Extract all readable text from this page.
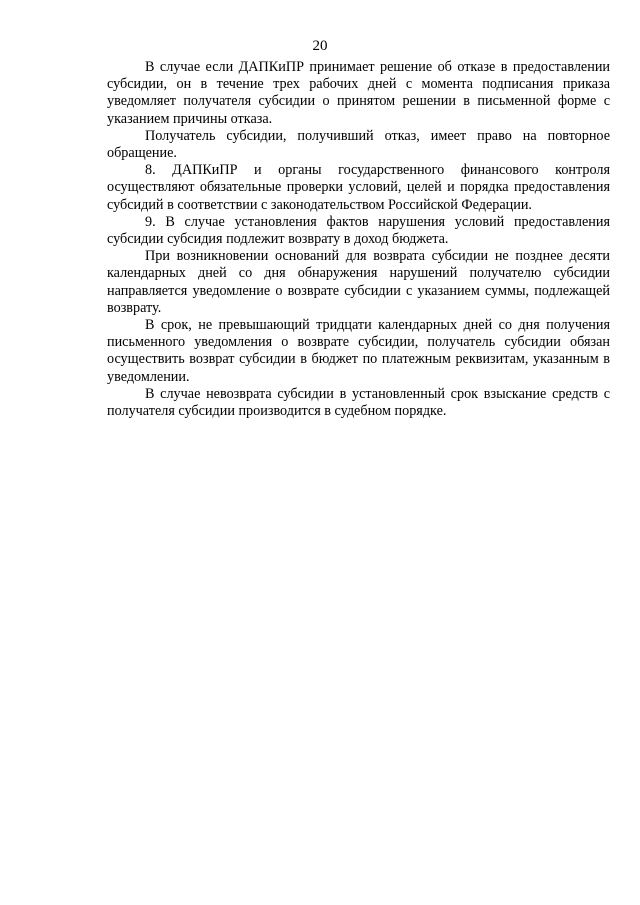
20

В случае если ДАПКиПР принимает решение об отказе в предоставлении субсидии, он в течение трех рабочих дней с момента подписания приказа уведомляет получателя субсидии о принятом решении в письменной форме с указанием причины отказа.

Получатель субсидии, получивший отказ, имеет право на повторное обращение.

8. ДАПКиПР и органы государственного финансового контроля осуществляют обязательные проверки условий, целей и порядка предоставления субсидий в соответствии с законодательством Российской Федерации.

9. В случае установления фактов нарушения условий предоставления субсидии субсидия подлежит возврату в доход бюджета.

При возникновении оснований для возврата субсидии не позднее десяти календарных дней со дня обнаружения нарушений получателю субсидии направляется уведомление о возврате субсидии с указанием суммы, подлежащей возврату.

В срок, не превышающий тридцати календарных дней со дня получения письменного уведомления о возврате субсидии, получатель субсидии обязан осуществить возврат субсидии в бюджет по платежным реквизитам, указанным в уведомлении.

В случае невозврата субсидии в установленный срок взыскание средств с получателя субсидии производится в судебном порядке.
